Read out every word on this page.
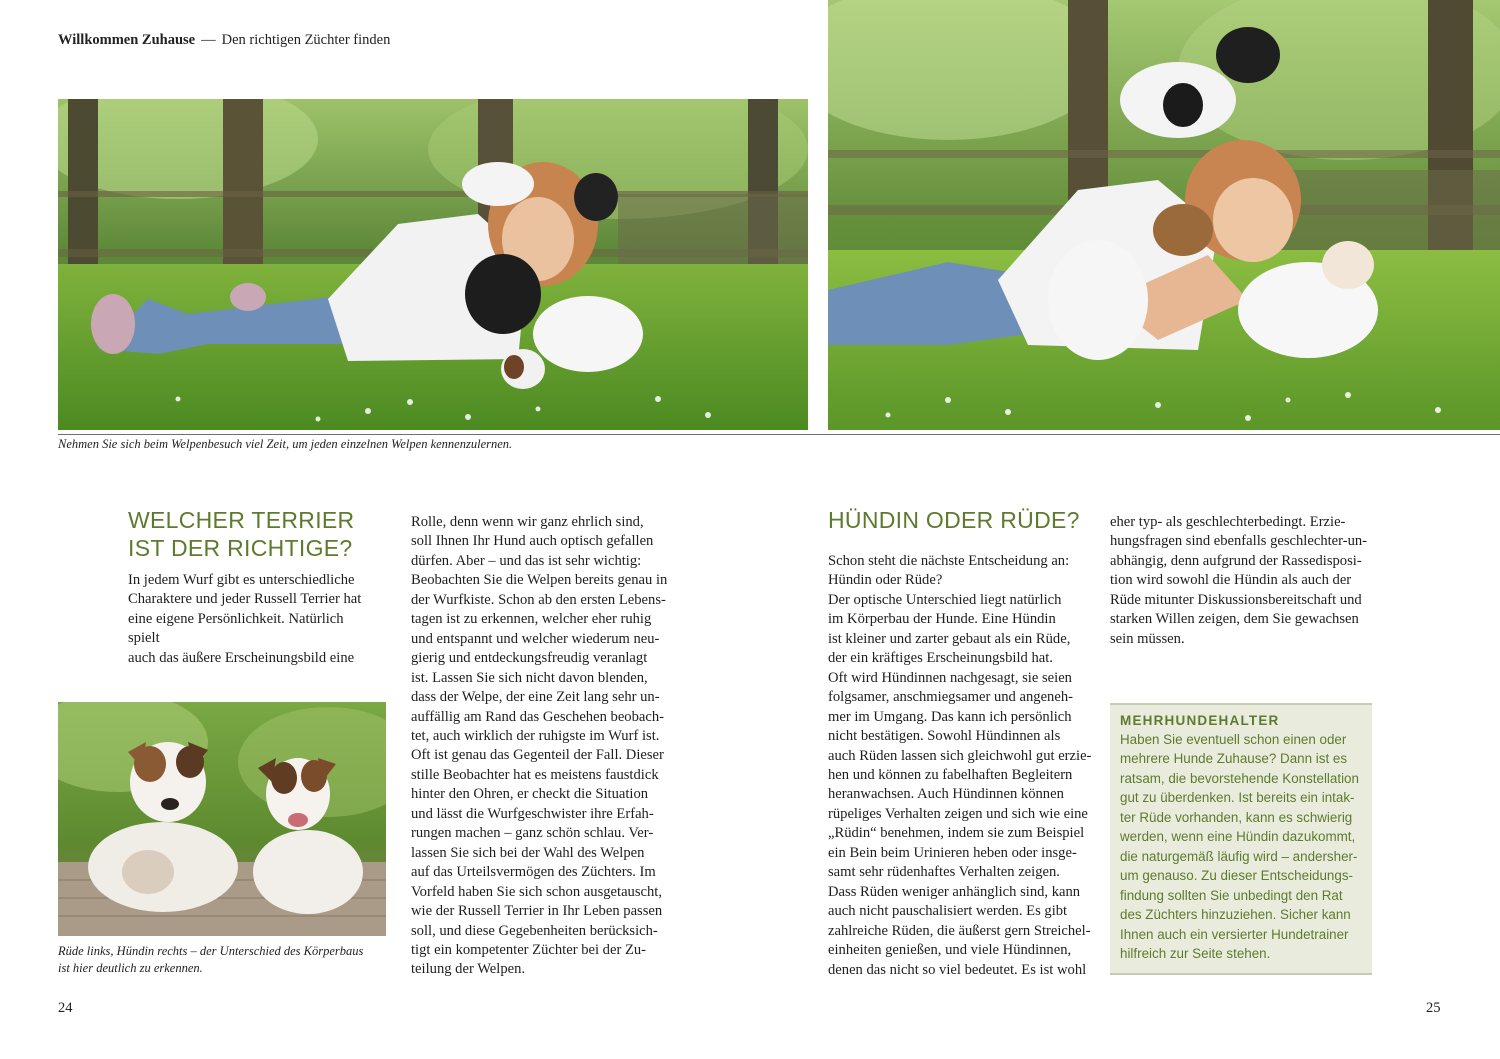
Willkommen Zuhause — Den richtigen Züchter finden
Nehmen Sie sich beim Welpenbesuch viel Zeit, um jeden einzelnen Welpen kennenzulernen.
WELCHER TERRIER
IST DER RICHTIGE?

In jedem Wurf gibt es unterschiedliche

Charaktere und jeder Russell Terrier hat

eine eigene Persönlichkeit. Natürlich spielt

auch das äußere Erscheinungsbild eine

Rüde links, Hündin rechts – der Unterschied des Körperbaus
ist hier deutlich zu erkennen.

Rolle, denn wenn wir ganz ehrlich sind,

soll Ihnen Ihr Hund auch optisch gefallen

dürfen. Aber – und das ist sehr wichtig:

Beobachten Sie die Welpen bereits genau in

der Wurfkiste. Schon ab den ersten Lebens-

tagen ist zu erkennen, welcher eher ruhig

und entspannt und welcher wiederum neu-

gierig und entdeckungsfreudig veranlagt

ist. Lassen Sie sich nicht davon blenden,

dass der Welpe, der eine Zeit lang sehr un-

auffällig am Rand das Geschehen beobach-

tet, auch wirklich der ruhigste im Wurf ist.

Oft ist genau das Gegenteil der Fall. Dieser

stille Beobachter hat es meistens faustdick

hinter den Ohren, er checkt die Situation

und lässt die Wurfgeschwister ihre Erfah-

rungen machen – ganz schön schlau. Ver-

lassen Sie sich bei der Wahl des Welpen

auf das Urteilsvermögen des Züchters. Im

Vorfeld haben Sie sich schon ausgetauscht,

wie der Russell Terrier in Ihr Leben passen

soll, und diese Gegebenheiten berücksich-

tigt ein kompetenter Züchter bei der Zu-

teilung der Welpen.

HÜNDIN ODER RÜDE?

Schon steht die nächste Entscheidung an:

Hündin oder Rüde?

Der optische Unterschied liegt natürlich

im Körperbau der Hunde. Eine Hündin

ist kleiner und zarter gebaut als ein Rüde,

der ein kräftiges Erscheinungsbild hat.

Oft wird Hündinnen nachgesagt, sie seien

folgsamer, anschmiegsamer und angeneh-

mer im Umgang. Das kann ich persönlich

nicht bestätigen. Sowohl Hündinnen als

auch Rüden lassen sich gleichwohl gut erzie-

hen und können zu fabelhaften Begleitern

heranwachsen. Auch Hündinnen können

rüpeliges Verhalten zeigen und sich wie eine

„Rüdin“ benehmen, indem sie zum Beispiel

ein Bein beim Urinieren heben oder insge-

samt sehr rüdenhaftes Verhalten zeigen.

Dass Rüden weniger anhänglich sind, kann

auch nicht pauschalisiert werden. Es gibt

zahlreiche Rüden, die äußerst gern Streichel-

einheiten genießen, und viele Hündinnen,

denen das nicht so viel bedeutet. Es ist wohl

eher typ- als geschlechterbedingt. Erzie-

hungsfragen sind ebenfalls geschlechter-un-

abhängig, denn aufgrund der Rassedisposi-

tion wird sowohl die Hündin als auch der

Rüde mitunter Diskussionsbereitschaft und

starken Willen zeigen, dem Sie gewachsen

sein müssen.

MEHRHUNDEHALTER
Haben Sie eventuell schon einen oder
mehrere Hunde Zuhause? Dann ist es
ratsam, die bevorstehende Konstellation
gut zu überdenken. Ist bereits ein intak-
ter Rüde vorhanden, kann es schwierig
werden, wenn eine Hündin dazukommt,
die naturgemäß läufig wird – andersher-
um genauso. Zu dieser Entscheidungs-
findung sollten Sie unbedingt den Rat
des Züchters hinzuziehen. Sicher kann
Ihnen auch ein versierter Hundetrainer
hilfreich zur Seite stehen.
24	25
